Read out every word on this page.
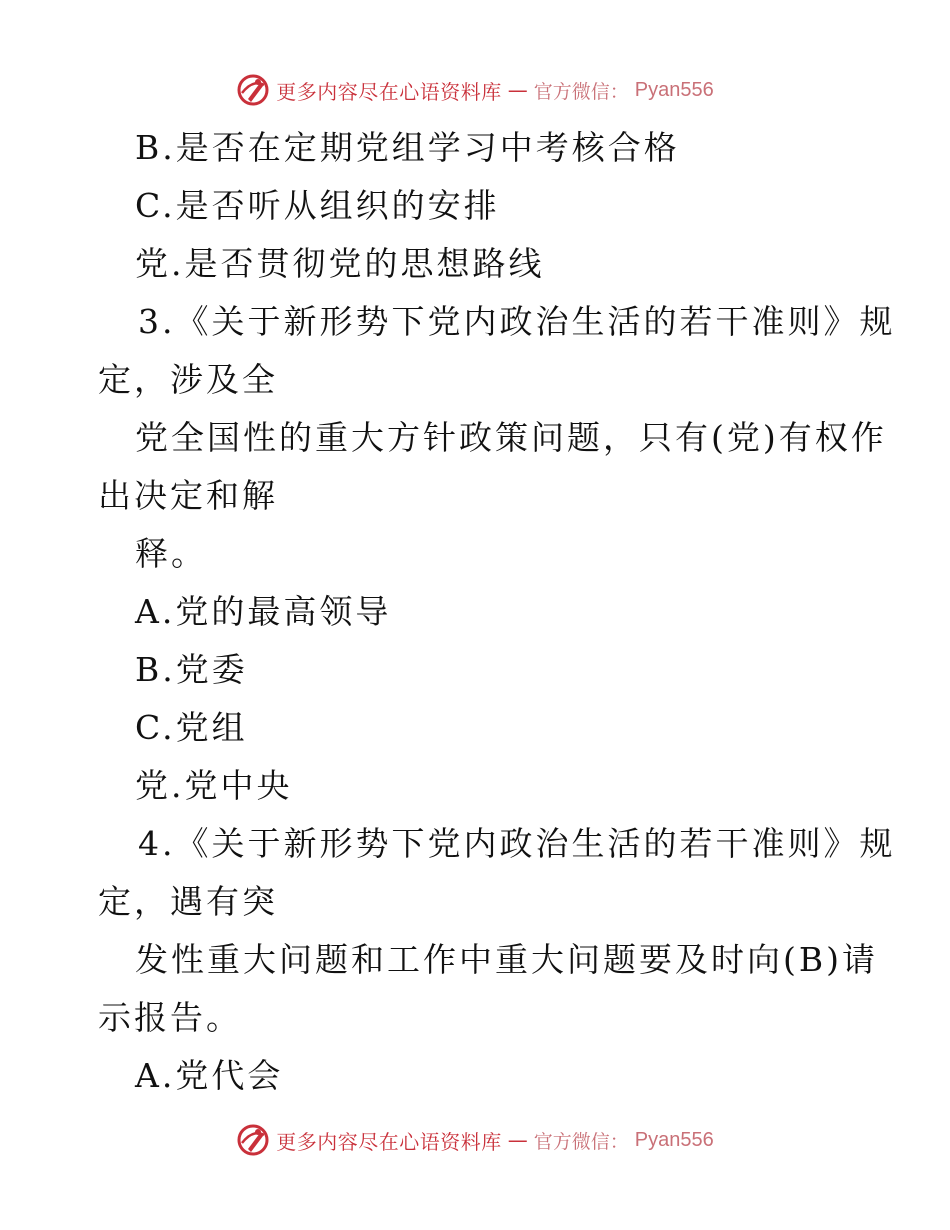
更多内容尽在心语资料库 — 官方微信： Pyan556
B.是否在定期党组学习中考核合格
C.是否听从组织的安排
党.是否贯彻党的思想路线
3.《关于新形势下党内政治生活的若干准则》规
定，涉及全
党全国性的重大方针政策问题，只有(党)有权作
出决定和解
释。
A.党的最高领导
B.党委
C.党组
党.党中央
4.《关于新形势下党内政治生活的若干准则》规
定，遇有突
发性重大问题和工作中重大问题要及时向(B)请
示报告。
A.党代会
更多内容尽在心语资料库 — 官方微信： Pyan556
